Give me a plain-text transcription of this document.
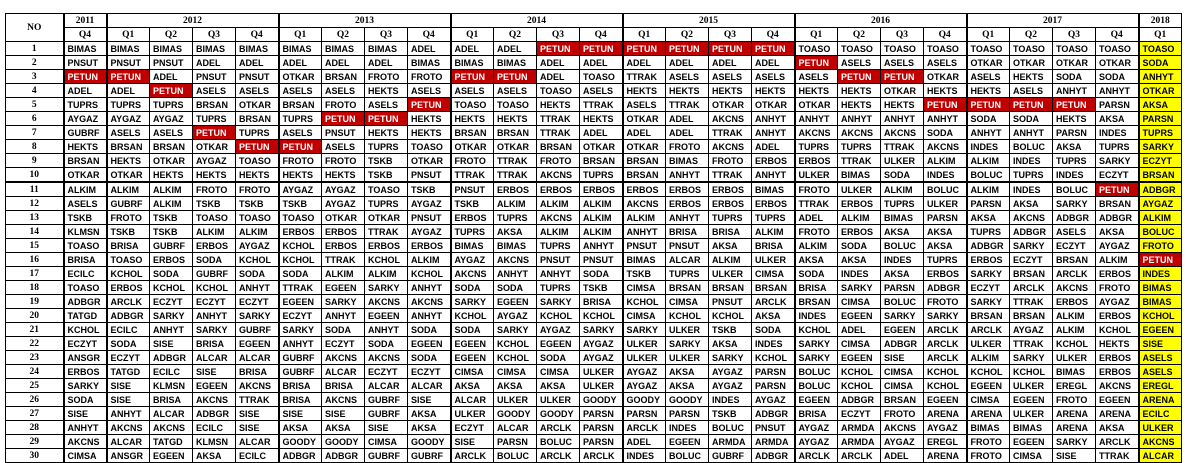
NO	2011	2012				2013				2014				2015				2016				2017				2018
	Q4	Q1	Q2	Q3	Q4	Q1	Q2	Q3	Q4	Q1	Q2	Q3	Q4	Q1	Q2	Q3	Q4	Q1	Q2	Q3	Q4	Q1	Q2	Q3	Q4	Q1
1	BIMAS	BIMAS	BIMAS	BIMAS	BIMAS	BIMAS	BIMAS	BIMAS	ADEL	ADEL	ADEL	PETUN	PETUN	PETUN	PETUN	PETUN	PETUN	TOASO	TOASO	TOASO	TOASO	TOASO	TOASO	TOASO	TOASO	TOASO
2	PNSUT	PNSUT	PNSUT	ADEL	ADEL	ADEL	ADEL	ADEL	BIMAS	BIMAS	BIMAS	ADEL	ADEL	ADEL	ADEL	ADEL	ADEL	PETUN	ASELS	ASELS	ASELS	OTKAR	OTKAR	OTKAR	OTKAR	SODA
3	PETUN	PETUN	ADEL	PNSUT	PNSUT	OTKAR	BRSAN	FROTO	FROTO	PETUN	PETUN	ADEL	TOASO	TTRAK	ASELS	ASELS	ASELS	ASELS	PETUN	PETUN	OTKAR	ASELS	HEKTS	SODA	SODA	ANHYT
4	ADEL	ADEL	PETUN	ASELS	ASELS	ASELS	ASELS	HEKTS	ASELS	ASELS	ASELS	TOASO	ASELS	HEKTS	HEKTS	HEKTS	HEKTS	HEKTS	HEKTS	OTKAR	HEKTS	HEKTS	ASELS	ANHYT	ANHYT	OTKAR
5	TUPRS	TUPRS	TUPRS	BRSAN	OTKAR	BRSAN	FROTO	ASELS	PETUN	TOASO	TOASO	HEKTS	TTRAK	ASELS	TTRAK	OTKAR	OTKAR	OTKAR	HEKTS	HEKTS	PETUN	PETUN	PETUN	PETUN	PARSN	AKSA
6	AYGAZ	AYGAZ	AYGAZ	TUPRS	BRSAN	TUPRS	PETUN	PETUN	HEKTS	HEKTS	HEKTS	TTRAK	HEKTS	OTKAR	ADEL	AKCNS	ANHYT	ANHYT	ANHYT	ANHYT	ANHYT	SODA	SODA	HEKTS	AKSA	PARSN
7	GUBRF	ASELS	ASELS	PETUN	TUPRS	ASELS	PNSUT	HEKTS	HEKTS	BRSAN	BRSAN	TTRAK	ADEL	ADEL	ADEL	TTRAK	ANHYT	AKCNS	AKCNS	AKCNS	SODA	ANHYT	ANHYT	PARSN	INDES	TUPRS
8	HEKTS	BRSAN	BRSAN	OTKAR	PETUN	PETUN	ASELS	TUPRS	TOASO	OTKAR	OTKAR	BRSAN	OTKAR	OTKAR	FROTO	AKCNS	ADEL	TUPRS	TUPRS	TTRAK	AKCNS	INDES	BOLUC	AKSA	TUPRS	SARKY
9	BRSAN	HEKTS	OTKAR	AYGAZ	TOASO	FROTO	FROTO	TSKB	OTKAR	FROTO	TTRAK	FROTO	BRSAN	BRSAN	BIMAS	FROTO	ERBOS	ERBOS	TTRAK	ULKER	ALKIM	ALKIM	INDES	TUPRS	SARKY	ECZYT
10	OTKAR	OTKAR	HEKTS	HEKTS	HEKTS	HEKTS	HEKTS	TSKB	PNSUT	TTRAK	TTRAK	AKCNS	TUPRS	BRSAN	ANHYT	TTRAK	ANHYT	ULKER	BIMAS	SODA	INDES	BOLUC	TUPRS	INDES	ECZYT	BRSAN
11	ALKIM	ALKIM	ALKIM	FROTO	FROTO	AYGAZ	AYGAZ	TOASO	TSKB	PNSUT	ERBOS	ERBOS	ERBOS	ERBOS	ERBOS	ERBOS	BIMAS	FROTO	ULKER	ALKIM	BOLUC	ALKIM	INDES	BOLUC	PETUN	ADBGR
12	ASELS	GUBRF	ALKIM	TSKB	TSKB	TSKB	AYGAZ	TUPRS	AYGAZ	TSKB	ALKIM	ALKIM	ALKIM	AKCNS	ERBOS	ERBOS	ERBOS	TTRAK	ERBOS	TUPRS	ULKER	PARSN	AKSA	SARKY	BRSAN	AYGAZ
13	TSKB	FROTO	TSKB	TOASO	TOASO	TOASO	OTKAR	OTKAR	PNSUT	ERBOS	TUPRS	AKCNS	ALKIM	ALKIM	ANHYT	TUPRS	TUPRS	ADEL	ALKIM	BIMAS	PARSN	AKSA	AKCNS	ADBGR	ADBGR	ALKIM
14	KLMSN	TSKB	TSKB	ALKIM	ALKIM	ERBOS	ERBOS	TTRAK	AYGAZ	TUPRS	AKSA	ALKIM	ALKIM	ANHYT	BRISA	BRISA	ALKIM	FROTO	ERBOS	AKSA	AKSA	TUPRS	ADBGR	ASELS	AKSA	BOLUC
15	TOASO	BRISA	GUBRF	ERBOS	AYGAZ	KCHOL	ERBOS	ERBOS	ERBOS	BIMAS	BIMAS	TUPRS	ANHYT	PNSUT	PNSUT	AKSA	BRISA	ALKIM	SODA	BOLUC	AKSA	ADBGR	SARKY	ECZYT	AYGAZ	FROTO
16	BRISA	TOASO	ERBOS	SODA	KCHOL	KCHOL	TTRAK	KCHOL	ALKIM	AYGAZ	AKCNS	PNSUT	PNSUT	BIMAS	ALCAR	ALKIM	ULKER	AKSA	AKSA	INDES	TUPRS	ERBOS	ECZYT	BRSAN	ALKIM	PETUN
17	ECILC	KCHOL	SODA	GUBRF	SODA	SODA	ALKIM	ALKIM	KCHOL	AKCNS	ANHYT	ANHYT	SODA	TSKB	TUPRS	ULKER	CIMSA	SODA	INDES	AKSA	ERBOS	SARKY	BRSAN	ARCLK	ERBOS	INDES
18	TOASO	ERBOS	KCHOL	KCHOL	ANHYT	TTRAK	EGEEN	SARKY	ANHYT	SODA	SODA	TUPRS	TSKB	CIMSA	BRSAN	BRSAN	BRSAN	BRISA	SARKY	PARSN	ADBGR	ECZYT	ARCLK	AKCNS	FROTO	BIMAS
19	ADBGR	ARCLK	ECZYT	ECZYT	ECZYT	EGEEN	SARKY	AKCNS	AKCNS	SARKY	EGEEN	SARKY	BRISA	KCHOL	CIMSA	PNSUT	ARCLK	BRSAN	CIMSA	BOLUC	FROTO	SARKY	TTRAK	ERBOS	AYGAZ	BIMAS
20	TATGD	ADBGR	SARKY	ANHYT	SARKY	ECZYT	ANHYT	EGEEN	ANHYT	KCHOL	AYGAZ	KCHOL	KCHOL	CIMSA	KCHOL	KCHOL	AKSA	INDES	EGEEN	SARKY	SARKY	BRSAN	BRSAN	ALKIM	ERBOS	KCHOL
21	KCHOL	ECILC	ANHYT	SARKY	GUBRF	SARKY	SODA	ANHYT	SODA	SODA	SARKY	AYGAZ	SARKY	SARKY	ULKER	TSKB	SODA	KCHOL	ADEL	EGEEN	ARCLK	ARCLK	AYGAZ	ALKIM	KCHOL	EGEEN
22	ECZYT	SODA	SISE	BRISA	EGEEN	ANHYT	ECZYT	SODA	EGEEN	EGEEN	KCHOL	EGEEN	AYGAZ	ULKER	SARKY	AKSA	INDES	SARKY	CIMSA	ADBGR	ARCLK	ULKER	TTRAK	KCHOL	HEKTS	SISE
23	ANSGR	ECZYT	ADBGR	ALCAR	ALCAR	GUBRF	AKCNS	AKCNS	SODA	EGEEN	KCHOL	SODA	AYGAZ	ULKER	ULKER	SARKY	KCHOL	SARKY	EGEEN	SISE	ARCLK	ALKIM	SARKY	ULKER	ERBOS	ASELS
24	ERBOS	TATGD	ECILC	SISE	BRISA	GUBRF	ALCAR	ECZYT	ECZYT	CIMSA	CIMSA	CIMSA	ULKER	AYGAZ	AKSA	AYGAZ	PARSN	BOLUC	KCHOL	CIMSA	KCHOL	KCHOL	KCHOL	BIMAS	ERBOS	ASELS
25	SARKY	SISE	KLMSN	EGEEN	AKCNS	BRISA	BRISA	ALCAR	ALCAR	AKSA	AKSA	AKSA	ULKER	AYGAZ	AKSA	AYGAZ	PARSN	BOLUC	KCHOL	CIMSA	KCHOL	EGEEN	ULKER	EREGL	AKCNS	EREGL
26	SODA	SISE	BRISA	AKCNS	TTRAK	BRISA	AKCNS	GUBRF	SISE	ALCAR	ULKER	ULKER	GOODY	GOODY	GOODY	INDES	AYGAZ	EGEEN	ADBGR	BRSAN	EGEEN	CIMSA	EGEEN	FROTO	EGEEN	ARENA
27	SISE	ANHYT	ALCAR	ADBGR	SISE	SISE	SISE	GUBRF	AKSA	ULKER	GOODY	GOODY	PARSN	PARSN	PARSN	TSKB	ADBGR	BRISA	ECZYT	FROTO	ARENA	ARENA	ULKER	ARENA	ARENA	ECILC
28	ANHYT	AKCNS	AKCNS	ECILC	SISE	AKSA	AKSA	SISE	AKSA	ECZYT	ALCAR	ARCLK	PARSN	ARCLK	INDES	BOLUC	PNSUT	AYGAZ	ARMDA	AKCNS	AYGAZ	BIMAS	BIMAS	ARENA	AKSA	ULKER
29	AKCNS	ALCAR	TATGD	KLMSN	ALCAR	GOODY	GOODY	CIMSA	GOODY	SISE	PARSN	BOLUC	PARSN	ADEL	EGEEN	ARMDA	ARMDA	AYGAZ	ARMDA	AYGAZ	EREGL	FROTO	EGEEN	SARKY	ARCLK	AKCNS
30	CIMSA	ANSGR	EGEEN	AKSA	ECILC	ADBGR	ADBGR	GUBRF	GUBRF	ARCLK	BOLUC	ARCLK	ARCLK	INDES	BOLUC	GUBRF	ADBGR	ARCLK	ARCLK	ADEL	ARENA	FROTO	CIMSA	SISE	TTRAK	ALCAR
